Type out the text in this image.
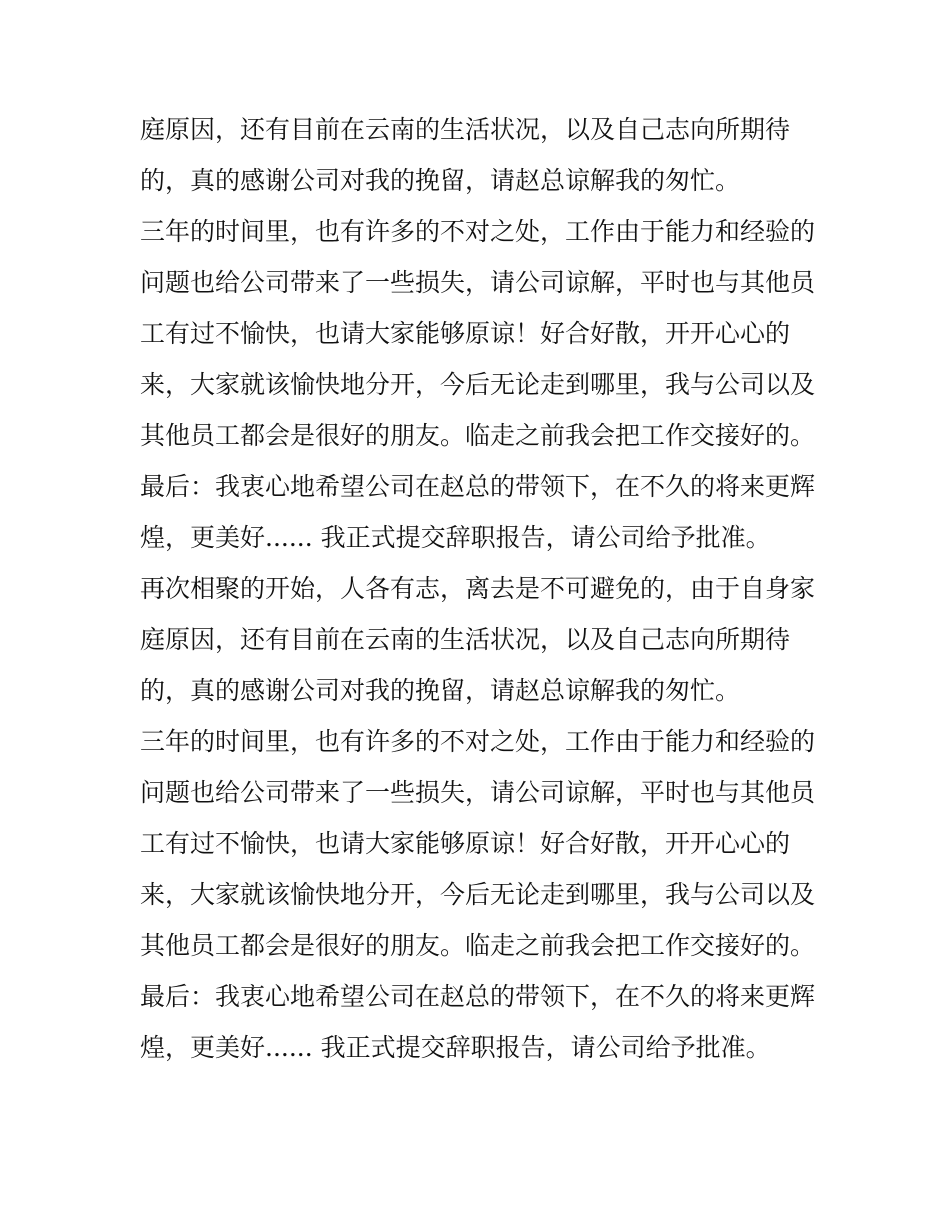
庭原因，还有目前在云南的生活状况，以及自己志向所期待
的，真的感谢公司对我的挽留，请赵总谅解我的匆忙。
三年的时间里，也有许多的不对之处，工作由于能力和经验的
问题也给公司带来了一些损失，请公司谅解，平时也与其他员
工有过不愉快，也请大家能够原谅！好合好散，开开心心的
来，大家就该愉快地分开，今后无论走到哪里，我与公司以及
其他员工都会是很好的朋友。临走之前我会把工作交接好的。
最后：我衷心地希望公司在赵总的带领下，在不久的将来更辉
煌，更美好...... 我正式提交辞职报告，请公司给予批准。
再次相聚的开始，人各有志，离去是不可避免的，由于自身家
庭原因，还有目前在云南的生活状况，以及自己志向所期待
的，真的感谢公司对我的挽留，请赵总谅解我的匆忙。
三年的时间里，也有许多的不对之处，工作由于能力和经验的
问题也给公司带来了一些损失，请公司谅解，平时也与其他员
工有过不愉快，也请大家能够原谅！好合好散，开开心心的
来，大家就该愉快地分开，今后无论走到哪里，我与公司以及
其他员工都会是很好的朋友。临走之前我会把工作交接好的。
最后：我衷心地希望公司在赵总的带领下，在不久的将来更辉
煌，更美好...... 我正式提交辞职报告，请公司给予批准。
